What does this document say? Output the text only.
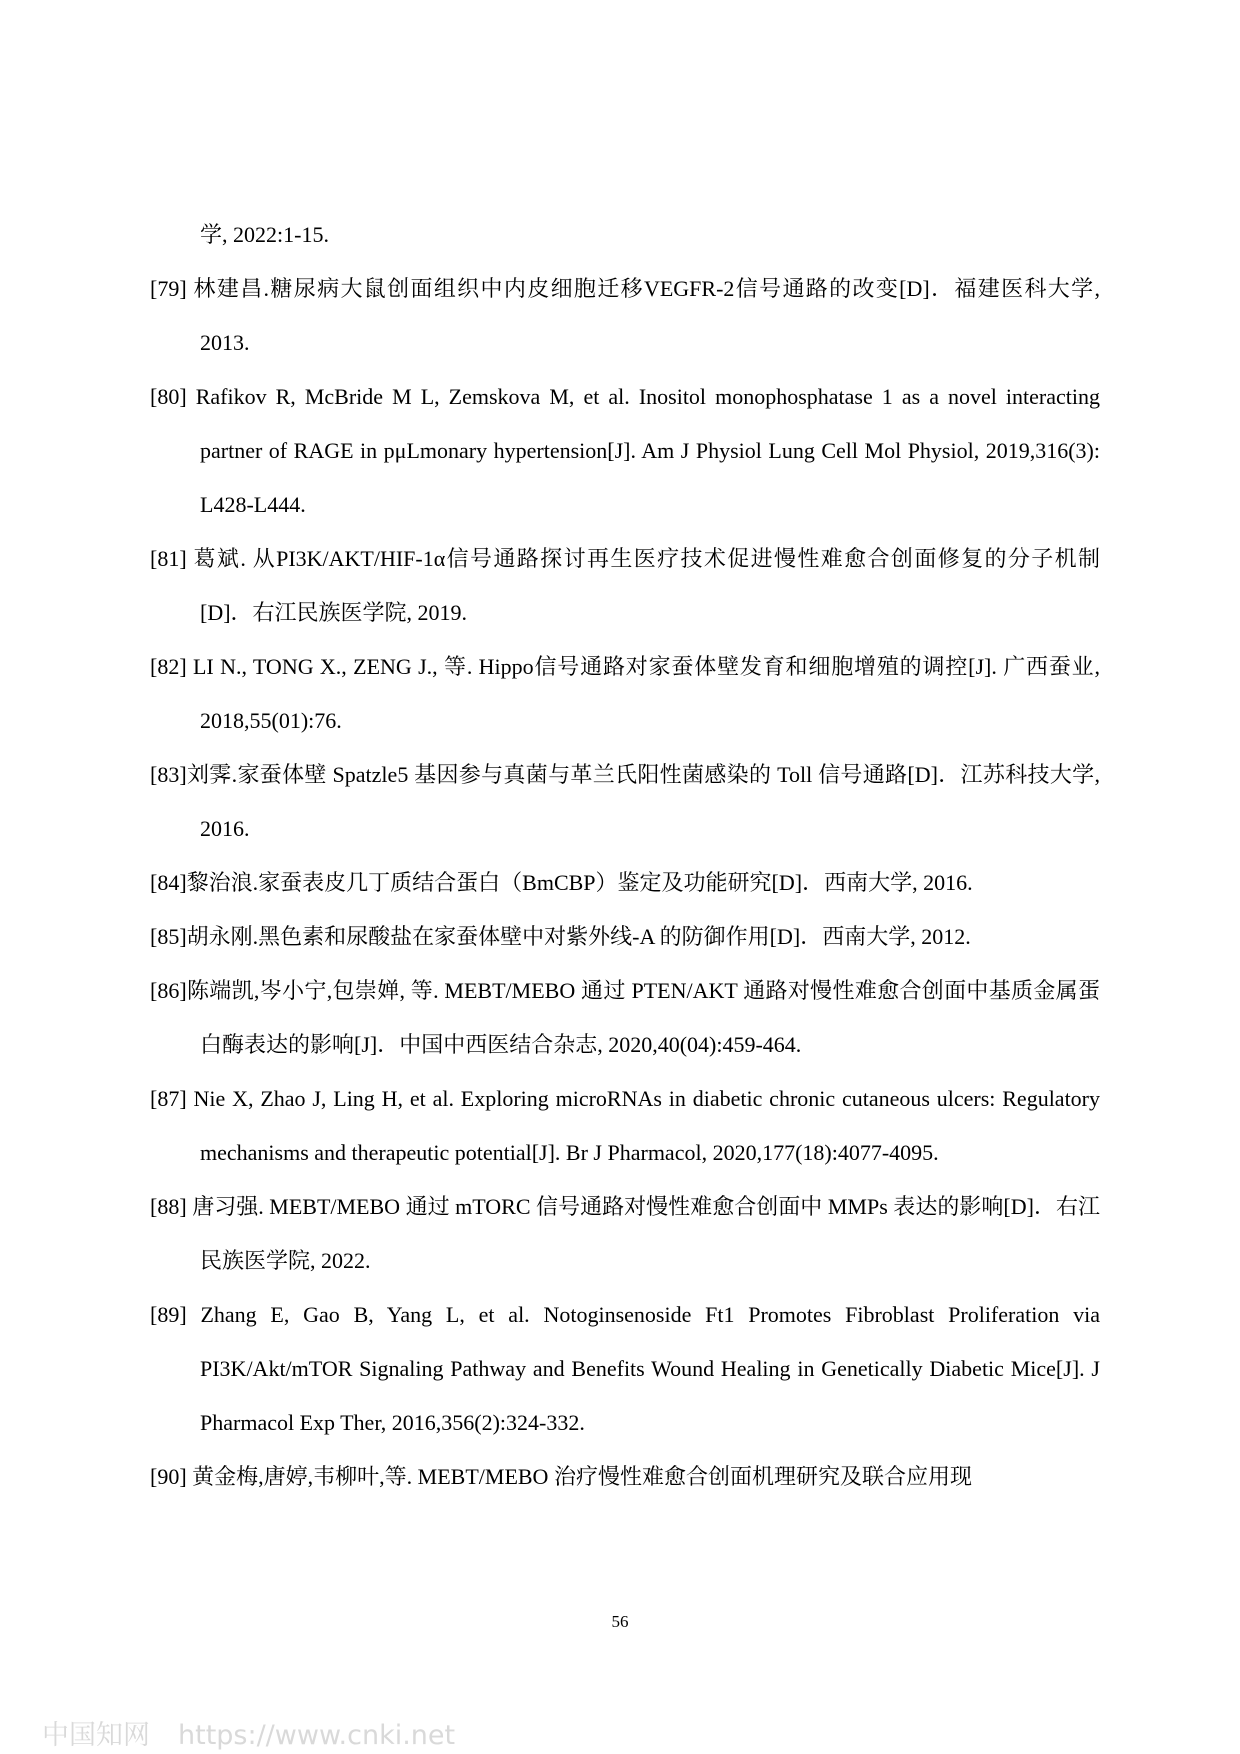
学, 2022:1-15.

[79] 林建昌.糖尿病大鼠创面组织中内皮细胞迁移VEGFR-2信号通路的改变[D]．福建医科大学, 2013.

[80] Rafikov R, McBride M L, Zemskova M, et al. Inositol monophosphatase 1 as a novel interacting partner of RAGE in pμLmonary hypertension[J]. Am J Physiol Lung Cell Mol Physiol, 2019,316(3): L428-L444.

[81] 葛斌. 从PI3K/AKT/HIF-1α信号通路探讨再生医疗技术促进慢性难愈合创面修复的分子机制[D]．右江民族医学院, 2019.

[82] LI N., TONG X., ZENG J., 等. Hippo信号通路对家蚕体壁发育和细胞增殖的调控[J]. 广西蚕业, 2018,55(01):76.

[83]刘霁.家蚕体壁 Spatzle5 基因参与真菌与革兰氏阳性菌感染的 Toll 信号通路[D]．江苏科技大学, 2016.

[84]黎治浪.家蚕表皮几丁质结合蛋白（BmCBP）鉴定及功能研究[D]．西南大学, 2016.

[85]胡永刚.黑色素和尿酸盐在家蚕体壁中对紫外线-A 的防御作用[D]．西南大学, 2012.

[86]陈端凯,岑小宁,包崇婵, 等. MEBT/MEBO 通过 PTEN/AKT 通路对慢性难愈合创面中基质金属蛋白酶表达的影响[J]．中国中西医结合杂志, 2020,40(04):459-464.

[87] Nie X, Zhao J, Ling H, et al. Exploring microRNAs in diabetic chronic cutaneous ulcers: Regulatory mechanisms and therapeutic potential[J]. Br J Pharmacol, 2020,177(18):4077-4095.

[88] 唐习强. MEBT/MEBO 通过 mTORC 信号通路对慢性难愈合创面中 MMPs 表达的影响[D]．右江民族医学院, 2022.

[89] Zhang E, Gao B, Yang L, et al. Notoginsenoside Ft1 Promotes Fibroblast Proliferation via PI3K/Akt/mTOR Signaling Pathway and Benefits Wound Healing in Genetically Diabetic Mice[J]. J Pharmacol Exp Ther, 2016,356(2):324-332.

[90] 黄金梅,唐婷,韦柳叶,等. MEBT/MEBO 治疗慢性难愈合创面机理研究及联合应用现

56
中国知网 https://www.cnki.net
